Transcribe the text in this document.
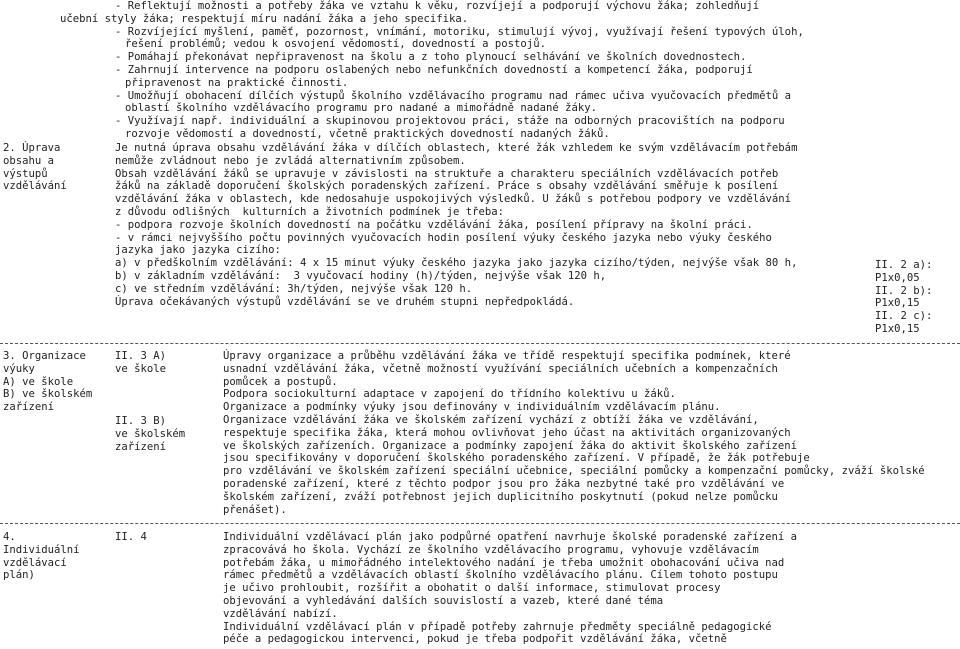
- Reflektují možnosti a potřeby žáka ve vztahu k věku, rozvíjejí a podporují výchovu žáka; zohledňují
učební styly žáka; respektují míru nadání žáka a jeho specifika.
- Rozvíjející myšlení, paměť, pozornost, vnímání, motoriku, stimulují vývoj, využívají řešení typových úloh,
řešení problémů; vedou k osvojení vědomostí, dovedností a postojů.
- Pomáhají překonávat nepřipravenost na školu a z toho plynoucí selhávání ve školních dovednostech.
- Zahrnují intervence na podporu oslabených nebo nefunkčních dovedností a kompetencí žáka, podporují
připravenost na praktické činnosti.
- Umožňují obohacení dílčích výstupů školního vzdělávacího programu nad rámec učiva vyučovacích předmětů a
oblastí školního vzdělávacího programu pro nadané a mimořádně nadané žáky.
- Využívají např. individuální a skupinovou projektovou práci, stáže na odborných pracovištích na podporu
rozvoje vědomostí a dovedností, včetně praktických dovedností nadaných žáků.
2. Úprava
obsahu a
výstupů
vzdělávání
Je nutná úprava obsahu vzdělávání žáka v dílčích oblastech, které žák vzhledem ke svým vzdělávacím potřebám
nemůže zvládnout nebo je zvládá alternativním způsobem.
Obsah vzdělávání žáků se upravuje v závislosti na struktuře a charakteru speciálních vzdělávacích potřeb
žáků na základě doporučení školských poradenských zařízení. Práce s obsahy vzdělávání směřuje k posílení
vzdělávání žáka v oblastech, kde nedosahuje uspokojivých výsledků. U žáků s potřebou podpory ve vzdělávání
z důvodu odlišných  kulturních a životních podmínek je třeba:
- podpora rozvoje školních dovedností na počátku vzdělávání žáka, posílení přípravy na školní práci.
- v rámci nejvyššího počtu povinných vyučovacích hodin posílení výuky českého jazyka nebo výuky českého
jazyka jako jazyka cizího:
a) v předškolním vzdělávání: 4 x 15 minut výuky českého jazyka jako jazyka cizího/týden, nejvýše však 80 h,
b) v základním vzdělávání:  3 vyučovací hodiny (h)/týden, nejvýše však 120 h,
c) ve středním vzdělávání: 3h/týden, nejvýše však 120 h.
Úprava očekávaných výstupů vzdělávání se ve druhém stupni nepředpokládá.
II. 2 a):
P1x0,05
II. 2 b):
P1x0,15
II. 2 c):
P1x0,15
3. Organizace
výuky
A) ve škole
B) ve školském
zařízení
II. 3 A)
ve škole
II. 3 B)
ve školském
zařízení
Úpravy organizace a průběhu vzdělávání žáka ve třídě respektují specifika podmínek, které
usnadní vzdělávání žáka, včetně možností využívání speciálních učebních a kompenzačních
pomůcek a postupů.
Podpora sociokulturní adaptace v zapojení do třídního kolektivu u žáků.
Organizace a podmínky výuky jsou definovány v individuálním vzdělávacím plánu.
Organizace vzdělávání žáka ve školském zařízení vychází z obtíží žáka ve vzdělávání,
respektuje specifika žáka, která mohou ovlivňovat jeho účast na aktivitách organizovaných
ve školských zařízeních. Organizace a podmínky zapojení žáka do aktivit školského zařízení
jsou specifikovány v doporučení školského poradenského zařízení. V případě, že žák potřebuje
pro vzdělávání ve školském zařízení speciální učebnice, speciální pomůcky a kompenzační pomůcky, zváží školské
poradenské zařízení, které z těchto podpor jsou pro žáka nezbytné také pro vzdělávání ve
školském zařízení, zváží potřebnost jejich duplicitního poskytnutí (pokud nelze pomůcku
přenášet).
4.
Individuální
vzdělávací
plán)
II. 4	Individuální vzdělávací plán jako podpůrné opatření navrhuje školské poradenské zařízení a
zpracovává ho škola. Vychází ze školního vzdělávacího programu, vyhovuje vzdělávacím
potřebám žáka, u mimořádného intelektového nadání je třeba umožnit obohacování učiva nad
rámec předmětů a vzdělávacích oblastí školního vzdělávacího plánu. Cílem tohoto postupu
je učivo prohloubit, rozšířit a obohatit o další informace, stimulovat procesy
objevování a vyhledávání dalších souvislostí a vazeb, které dané téma
vzdělávání nabízí.
Individuální vzdělávací plán v případě potřeby zahrnuje předměty speciálně pedagogické
péče a pedagogickou intervenci, pokud je třeba podpořit vzdělávání žáka, včetně
